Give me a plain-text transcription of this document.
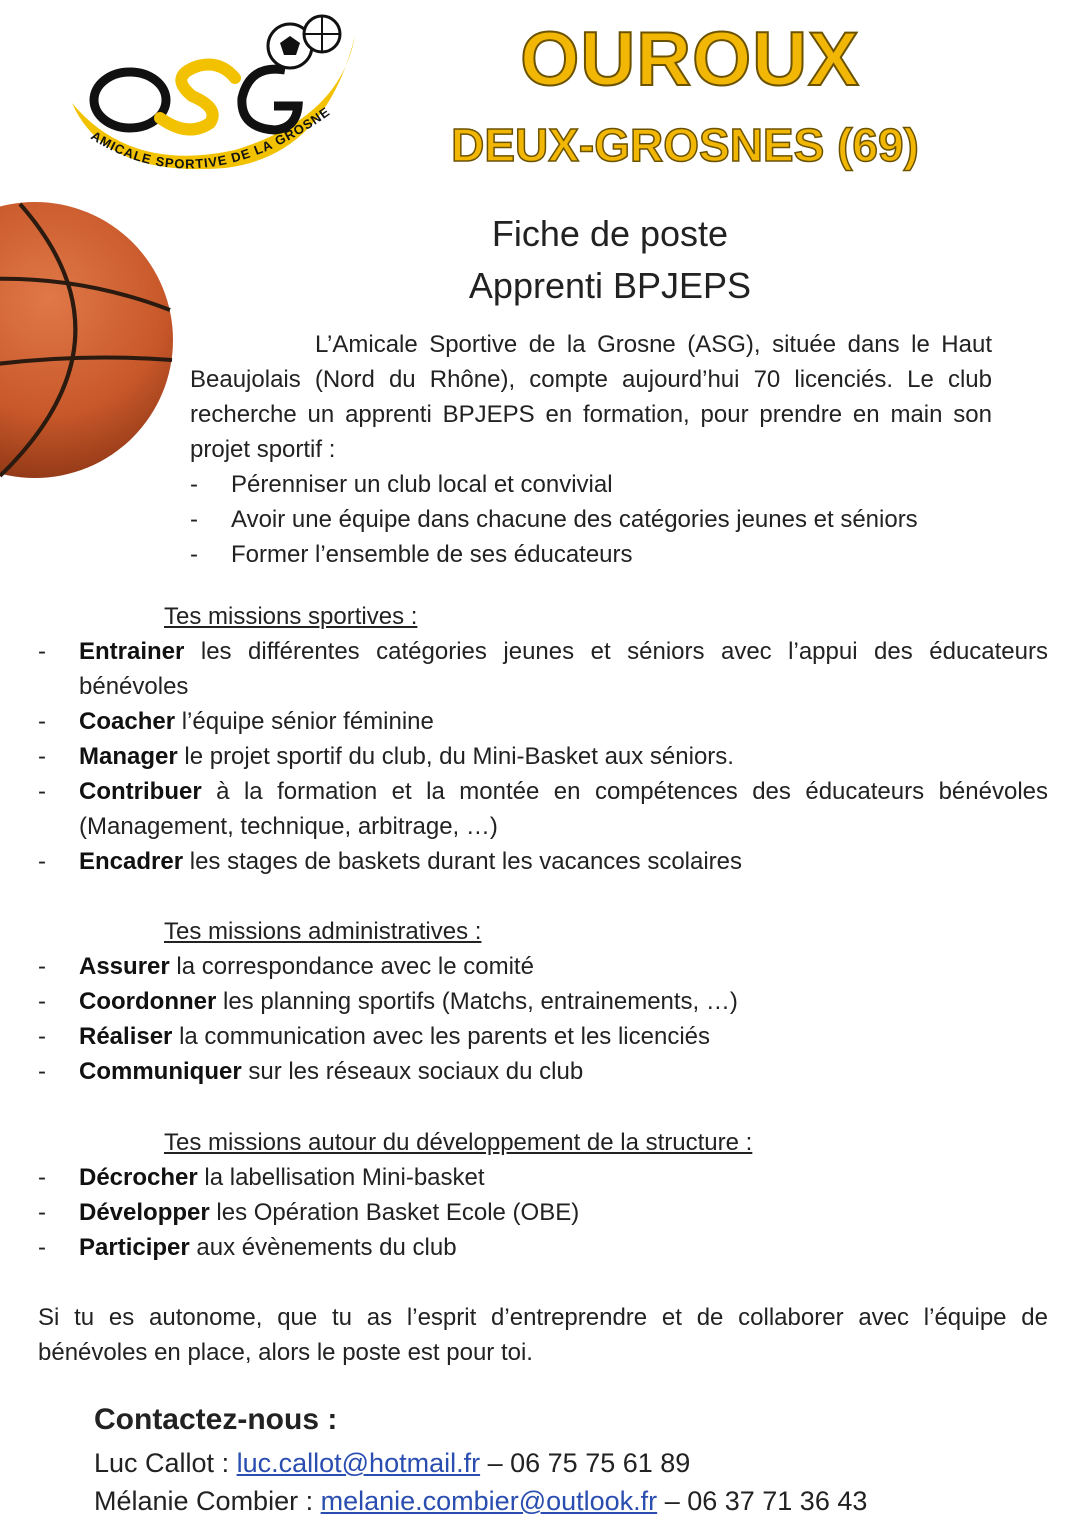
AMICALE SPORTIVE DE LA GROSNE
OUROUX
DEUX-GROSNES (69)
Fiche de poste
Apprenti BPJEPS

L’Amicale Sportive de la Grosne (ASG), située dans le Haut Beaujolais (Nord du Rhône), compte aujourd’hui 70 licenciés. Le club recherche un apprenti BPJEPS en formation, pour prendre en main son projet sportif :

- Pérenniser un club local et convivial
- Avoir une équipe dans chacune des catégories jeunes et séniors
- Former l’ensemble de ses éducateurs
Tes missions sportives :
- Entrainer les différentes catégories jeunes et séniors avec l’appui des éducateurs bénévoles
- Coacher l’équipe sénior féminine
- Manager le projet sportif du club, du Mini-Basket aux séniors.
- Contribuer à la formation et la montée en compétences des éducateurs bénévoles (Management, technique, arbitrage, …)
- Encadrer les stages de baskets durant les vacances scolaires
Tes missions administratives :
- Assurer la correspondance avec le comité
- Coordonner les planning sportifs (Matchs, entrainements, …)
- Réaliser la communication avec les parents et les licenciés
- Communiquer sur les réseaux sociaux du club
Tes missions autour du développement de la structure :
- Décrocher la labellisation Mini-basket
- Développer les Opération Basket Ecole (OBE)
- Participer aux évènements du club

Si tu es autonome, que tu as l’esprit d’entreprendre et de collaborer avec l’équipe de bénévoles en place, alors le poste est pour toi.

Contactez-nous :
Luc Callot : luc.callot@hotmail.fr – 06 75 75 61 89
Mélanie Combier : melanie.combier@outlook.fr – 06 37 71 36 43
